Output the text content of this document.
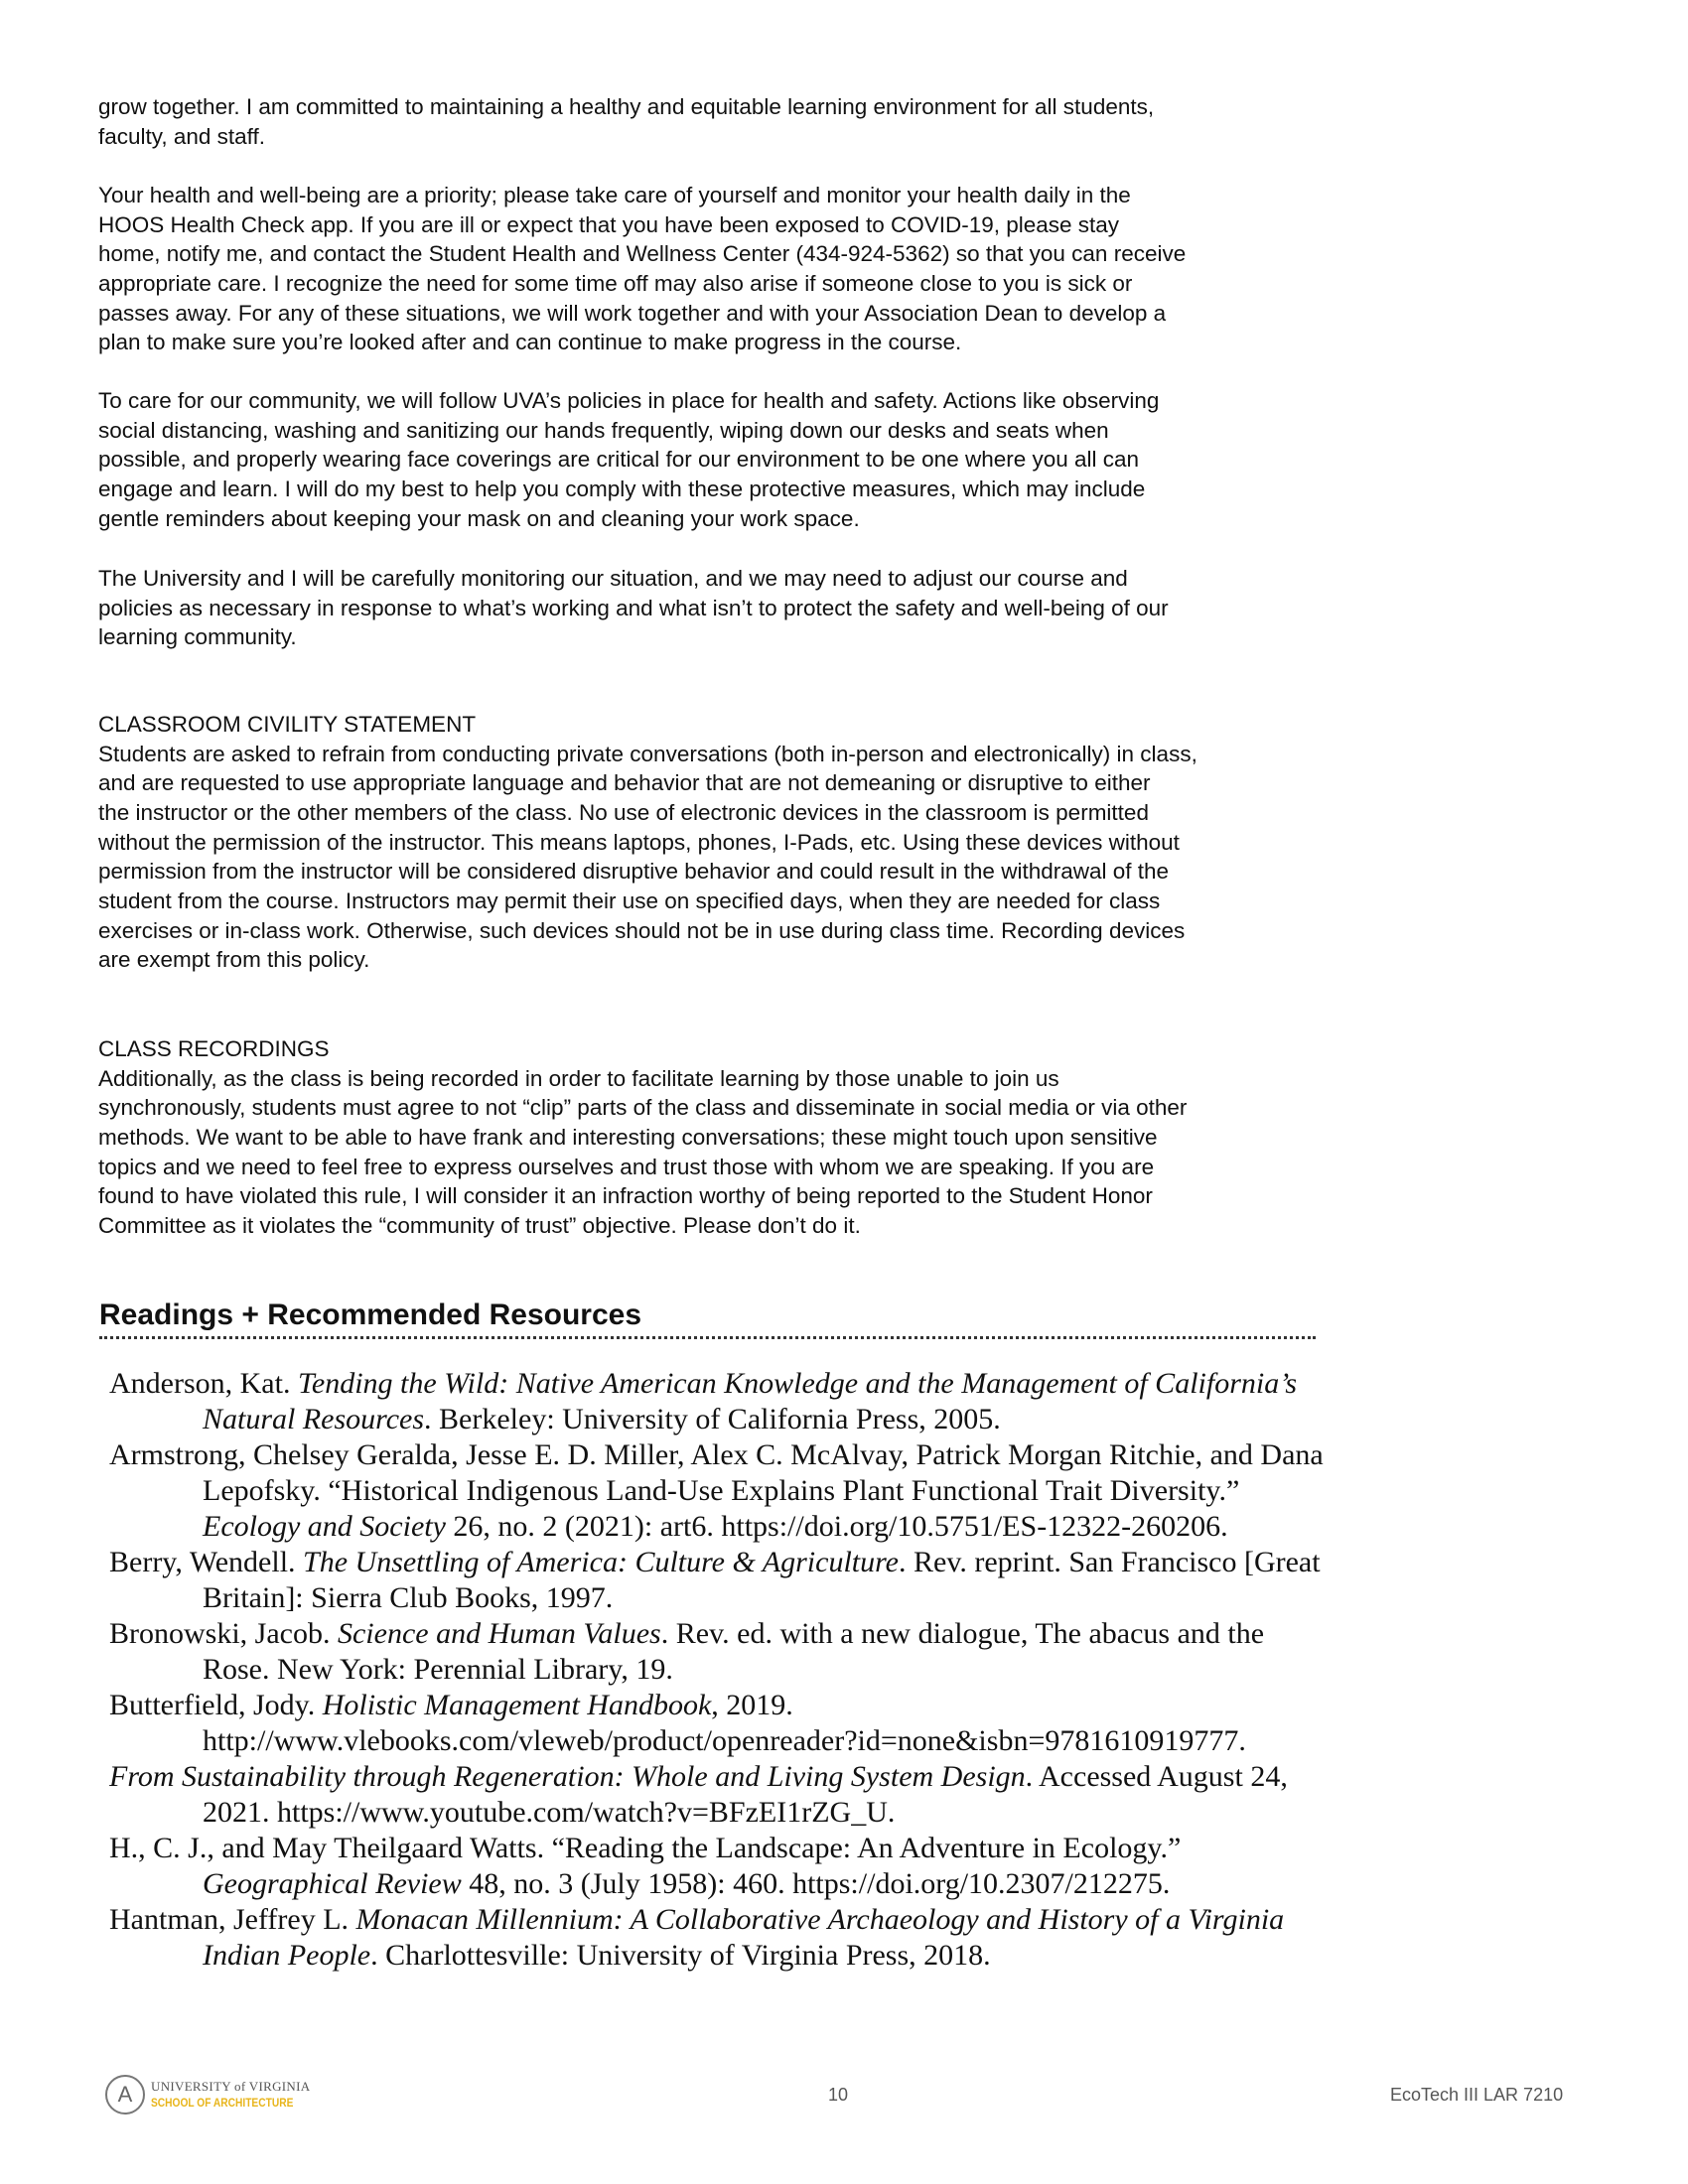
grow together. I am committed to maintaining a healthy and equitable learning environment for all students,
faculty, and staff.
Your health and well-being are a priority; please take care of yourself and monitor your health daily in the
HOOS Health Check app. If you are ill or expect that you have been exposed to COVID-19, please stay
home, notify me, and contact the Student Health and Wellness Center (434-924-5362) so that you can receive
appropriate care. I recognize the need for some time off may also arise if someone close to you is sick or
passes away. For any of these situations, we will work together and with your Association Dean to develop a
plan to make sure you’re looked after and can continue to make progress in the course.
To care for our community, we will follow UVA’s policies in place for health and safety. Actions like observing
social distancing, washing and sanitizing our hands frequently, wiping down our desks and seats when
possible, and properly wearing face coverings are critical for our environment to be one where you all can
engage and learn. I will do my best to help you comply with these protective measures, which may include
gentle reminders about keeping your mask on and cleaning your work space.
The University and I will be carefully monitoring our situation, and we may need to adjust our course and
policies as necessary in response to what’s working and what isn’t to protect the safety and well-being of our
learning community.
CLASSROOM CIVILITY STATEMENT
Students are asked to refrain from conducting private conversations (both in-person and electronically) in class,
and are requested to use appropriate language and behavior that are not demeaning or disruptive to either
the instructor or the other members of the class. No use of electronic devices in the classroom is permitted
without the permission of the instructor. This means laptops, phones, I-Pads, etc. Using these devices without
permission from the instructor will be considered disruptive behavior and could result in the withdrawal of the
student from the course. Instructors may permit their use on specified days, when they are needed for class
exercises or in-class work. Otherwise, such devices should not be in use during class time. Recording devices
are exempt from this policy.
CLASS RECORDINGS
Additionally, as the class is being recorded in order to facilitate learning by those unable to join us
synchronously, students must agree to not “clip” parts of the class and disseminate in social media or via other
methods. We want to be able to have frank and interesting conversations; these might touch upon sensitive
topics and we need to feel free to express ourselves and trust those with whom we are speaking. If you are
found to have violated this rule, I will consider it an infraction worthy of being reported to the Student Honor
Committee as it violates the “community of trust” objective. Please don’t do it.
Readings + Recommended Resources
Anderson, Kat. Tending the Wild: Native American Knowledge and the Management of California’s Natural Resources. Berkeley: University of California Press, 2005.
Armstrong, Chelsey Geralda, Jesse E. D. Miller, Alex C. McAlvay, Patrick Morgan Ritchie, and Dana Lepofsky. “Historical Indigenous Land-Use Explains Plant Functional Trait Diversity.” Ecology and Society 26, no. 2 (2021): art6. https://doi.org/10.5751/ES-12322-260206.
Berry, Wendell. The Unsettling of America: Culture & Agriculture. Rev. reprint. San Francisco [Great Britain]: Sierra Club Books, 1997.
Bronowski, Jacob. Science and Human Values. Rev. ed. with a new dialogue, The abacus and the Rose. New York: Perennial Library, 19.
Butterfield, Jody. Holistic Management Handbook, 2019. http://www.vlebooks.com/vleweb/product/openreader?id=none&isbn=9781610919777.
From Sustainability through Regeneration: Whole and Living System Design. Accessed August 24, 2021. https://www.youtube.com/watch?v=BFzEI1rZG_U.
H., C. J., and May Theilgaard Watts. “Reading the Landscape: An Adventure in Ecology.” Geographical Review 48, no. 3 (July 1958): 460. https://doi.org/10.2307/212275.
Hantman, Jeffrey L. Monacan Millennium: A Collaborative Archaeology and History of a Virginia Indian People. Charlottesville: University of Virginia Press, 2018.
A	UNIVERSITY of VIRGINIA
SCHOOL OF ARCHITECTURE	10	EcoTech III LAR 7210
